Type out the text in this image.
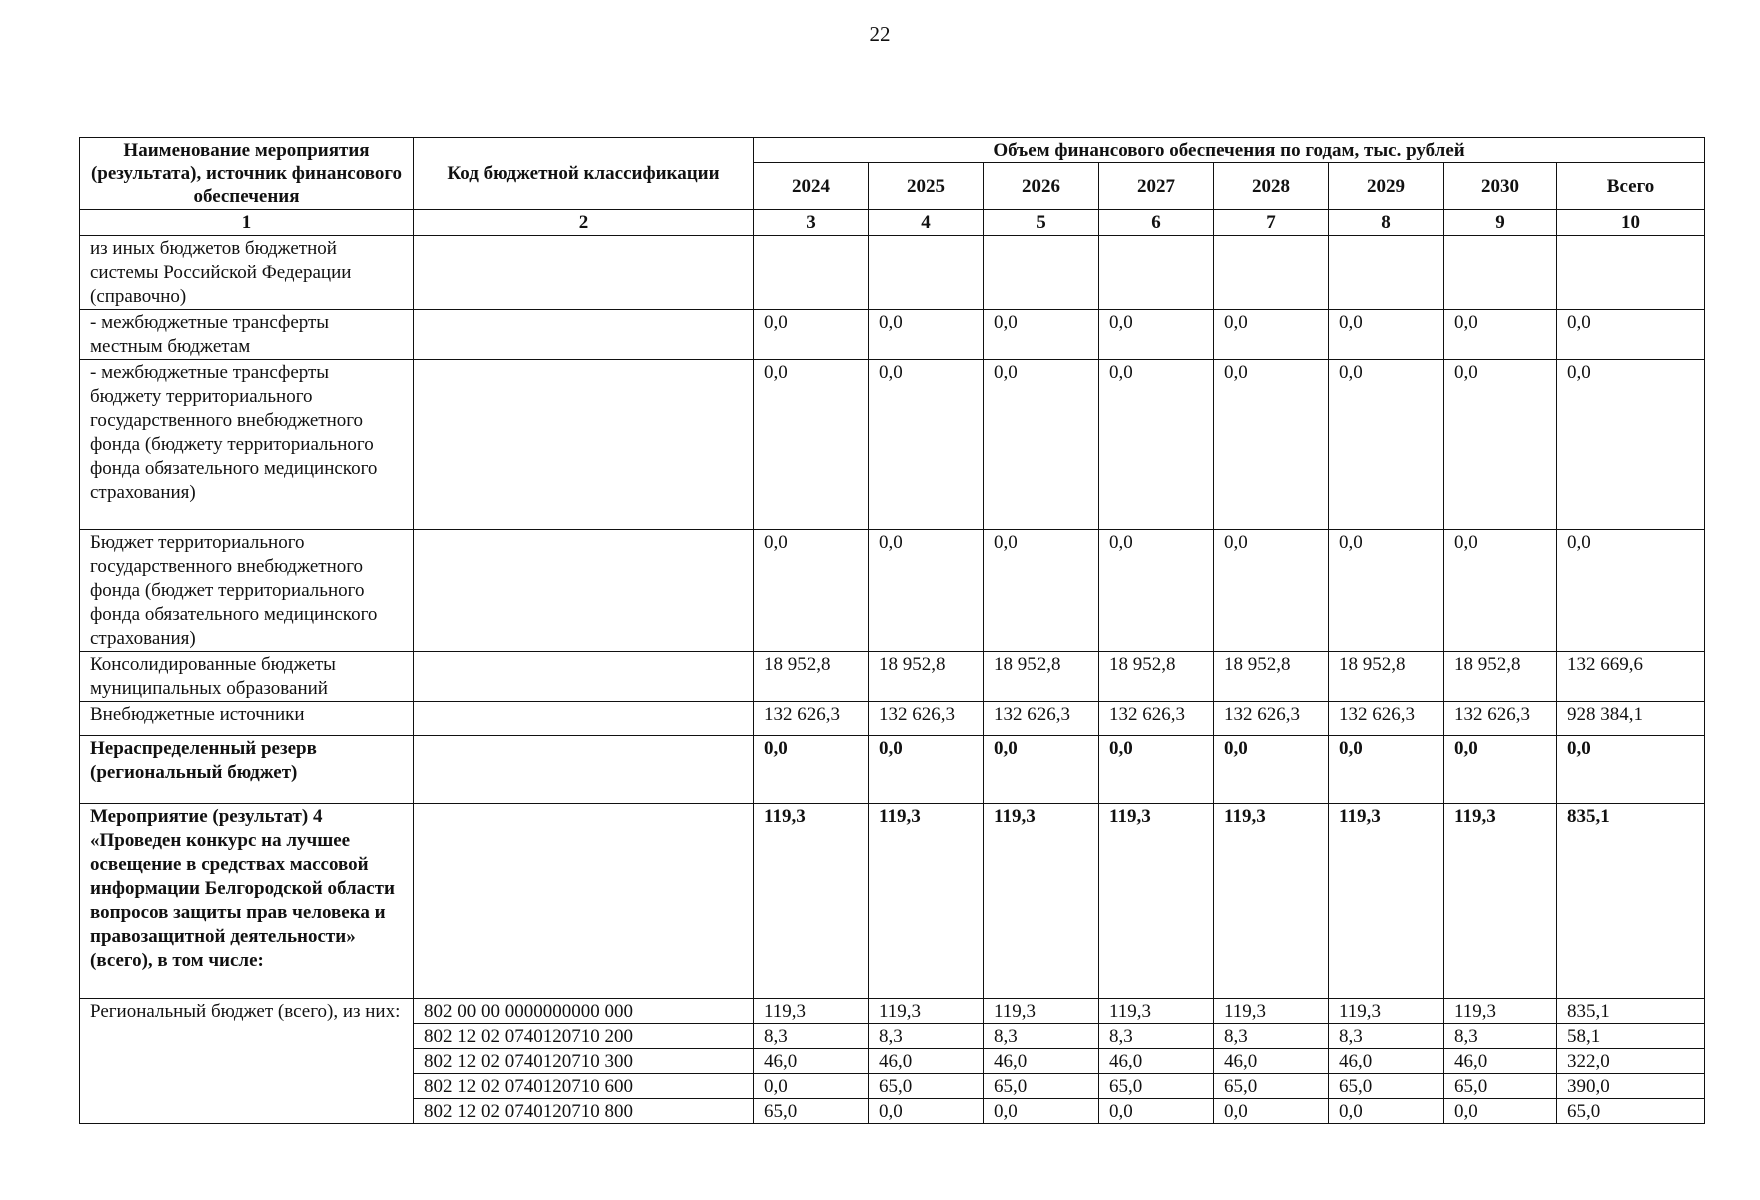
22
Наименование мероприятия (результата), источник финансового обеспечения	Код бюджетной классификации	Объем финансового обеспечения по годам, тыс. рублей							
		2024	2025	2026	2027	2028	2029	2030	Всего
1	2	3	4	5	6	7	8	9	10
из иных бюджетов бюджетной системы Российской Федерации (справочно)									
- межбюджетные трансферты местным бюджетам		0,0	0,0	0,0	0,0	0,0	0,0	0,0	0,0
- межбюджетные трансферты бюджету территориального государственного внебюджетного фонда (бюджету территориального фонда обязательного медицинского страхования)		0,0	0,0	0,0	0,0	0,0	0,0	0,0	0,0
Бюджет территориального государственного внебюджетного фонда (бюджет территориального фонда обязательного медицинского страхования)		0,0	0,0	0,0	0,0	0,0	0,0	0,0	0,0
Консолидированные бюджеты муниципальных образований		18 952,8	18 952,8	18 952,8	18 952,8	18 952,8	18 952,8	18 952,8	132 669,6
Внебюджетные источники		132 626,3	132 626,3	132 626,3	132 626,3	132 626,3	132 626,3	132 626,3	928 384,1
Нераспределенный резерв (региональный бюджет)		0,0	0,0	0,0	0,0	0,0	0,0	0,0	0,0
Мероприятие (результат) 4 «Проведен конкурс на лучшее освещение в средствах массовой информации Белгородской области вопросов защиты прав человека и правозащитной деятельности» (всего), в том числе:		119,3	119,3	119,3	119,3	119,3	119,3	119,3	835,1
Региональный бюджет (всего), из них:	802 00 00 0000000000 000	119,3	119,3	119,3	119,3	119,3	119,3	119,3	835,1
	802 12 02 0740120710 200	8,3	8,3	8,3	8,3	8,3	8,3	8,3	58,1
	802 12 02 0740120710 300	46,0	46,0	46,0	46,0	46,0	46,0	46,0	322,0
	802 12 02 0740120710 600	0,0	65,0	65,0	65,0	65,0	65,0	65,0	390,0
	802 12 02 0740120710 800	65,0	0,0	0,0	0,0	0,0	0,0	0,0	65,0
